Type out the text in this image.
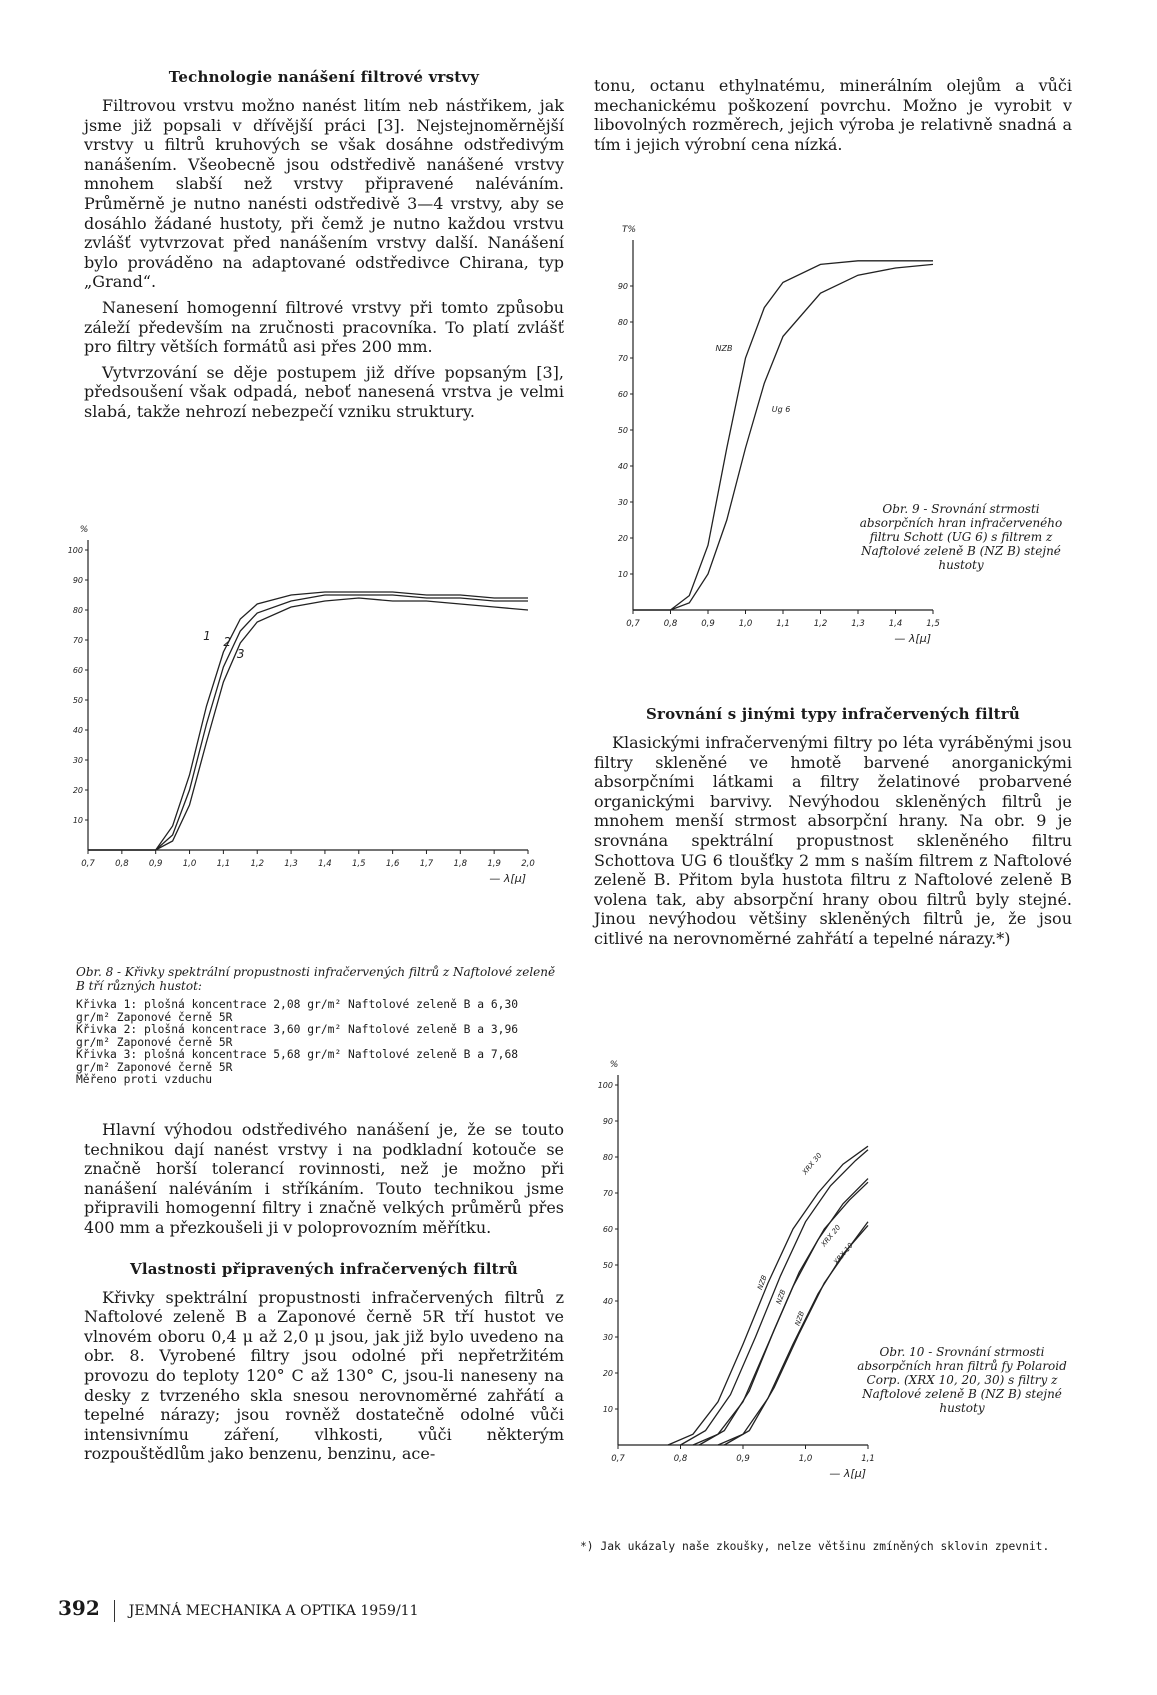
Technologie nanášení filtrové vrstvy

Filtrovou vrstvu možno nanést litím neb nástřikem, jak jsme již popsali v dřívější práci [3]. Nejstejnoměrnější vrstvy u filtrů kruhových se však dosáhne odstředivým nanášením. Všeobecně jsou odstředivě nanášené vrstvy mnohem slabší než vrstvy připravené naléváním. Průměrně je nutno nanésti odstředivě 3—4 vrstvy, aby se dosáhlo žádané hustoty, při čemž je nutno každou vrstvu zvlášť vytvrzovat před nanášením vrstvy další. Nanášení bylo prováděno na adaptované odstředivce Chirana, typ „Grand“.

Nanesení homogenní filtrové vrstvy při tomto způsobu záleží především na zručnosti pracovníka. To platí zvlášť pro filtry větších formátů asi přes 200 mm.

Vytvrzování se děje postupem již dříve popsaným [3], předsoušení však odpadá, neboť nanesená vrstva je velmi slabá, takže nehrozí nebezpečí vzniku struktury.

0,7 0,8 0,9 1,0 1,1 1,2 1,3 1,4 1,5 1,6 1,7 1,8 1,9 2,0
10
20
30
40
50
60
70
80
90
100
%
— λ[μ]
1 2
3
Obr. 8 - Křivky spektrální propustnosti infračervených filtrů z Naftolové zeleně B tří různých hustot:
Křivka 1: plošná koncentrace 2,08 gr/m² Naftolové zeleně B a 6,30 gr/m² Zaponové černě 5R
Křivka 2: plošná koncentrace 3,60 gr/m² Naftolové zeleně B a 3,96 gr/m² Zaponové černě 5R
Křivka 3: plošná koncentrace 5,68 gr/m² Naftolové zeleně B a 7,68 gr/m² Zaponové černě 5R
Měřeno proti vzduchu

Hlavní výhodou odstředivého nanášení je, že se touto technikou dají nanést vrstvy i na podkladní kotouče se značně horší tolerancí rovinnosti, než je možno při nanášení naléváním i stříkáním. Touto technikou jsme připravili homogenní filtry i značně velkých průměrů přes 400 mm a přezkoušeli ji v poloprovozním měřítku.

Vlastnosti připravených infračervených filtrů

Křivky spektrální propustnosti infračervených filtrů z Naftolové zeleně B a Zaponové černě 5R tří hustot ve vlnovém oboru 0,4 μ až 2,0 μ jsou, jak již bylo uvedeno na obr. 8. Vyrobené filtry jsou odolné při nepřetržitém provozu do teploty 120° C až 130° C, jsou-li naneseny na desky z tvrzeného skla snesou nerovnoměrné zahřátí a tepelné nárazy; jsou rovněž dostatečně odolné vůči intensivnímu záření, vlhkosti, vůči některým rozpouštědlům jako benzenu, benzinu, ace-

tonu, octanu ethylnatému, minerálním olejům a vůči mechanickému poškození povrchu. Možno je vyrobit v libovolných rozměrech, jejich výroba je relativně snadná a tím i jejich výrobní cena nízká.

0,7	0,8	0,9	1,0	1,1	1,2	1,3	1,4	1,5
10
20
30
40
50
60
70
80
90
T%
— λ[μ]
NZB
Ug 6
Obr. 9 - Srovnání strmosti absorpčních hran infračerveného filtru Schott (UG 6) s filtrem z Naftolové zeleně B (NZ B) stejné hustoty
Srovnání s jinými typy infračervených filtrů

Klasickými infračervenými filtry po léta vyráběnými jsou filtry skleněné ve hmotě barvené anorganickými absorpčními látkami a filtry želatinové probarvené organickými barvivy. Nevýhodou skleněných filtrů je mnohem menší strmost absorpční hrany. Na obr. 9 je srovnána spektrální propustnost skleněného filtru Schottova UG 6 tloušťky 2 mm s naším filtrem z Naftolové zeleně B. Přitom byla hustota filtru z Naftolové zeleně B volena tak, aby absorpční hrany obou filtrů byly stejné. Jinou nevýhodou většiny skleněných filtrů je, že jsou citlivé na nerovnoměrné zahřátí a tepelné nárazy.*)

0,7	0,8	0,9	1,0	1,1
10
20
30
40
50
60
70
80
90
100
%
— λ[μ]
NZB
XRX 30
NZB
XRX 20
NZB
XRX 10
Obr. 10 - Srovnání strmosti absorpčních hran filtrů fy Polaroid Corp. (XRX 10, 20, 30) s filtry z Naftolové zeleně B (NZ B) stejné hustoty
*) Jak ukázaly naše zkoušky, nelze většinu zmíněných sklovin zpevnit.
392 JEMNÁ MECHANIKA A OPTIKA 1959/11
